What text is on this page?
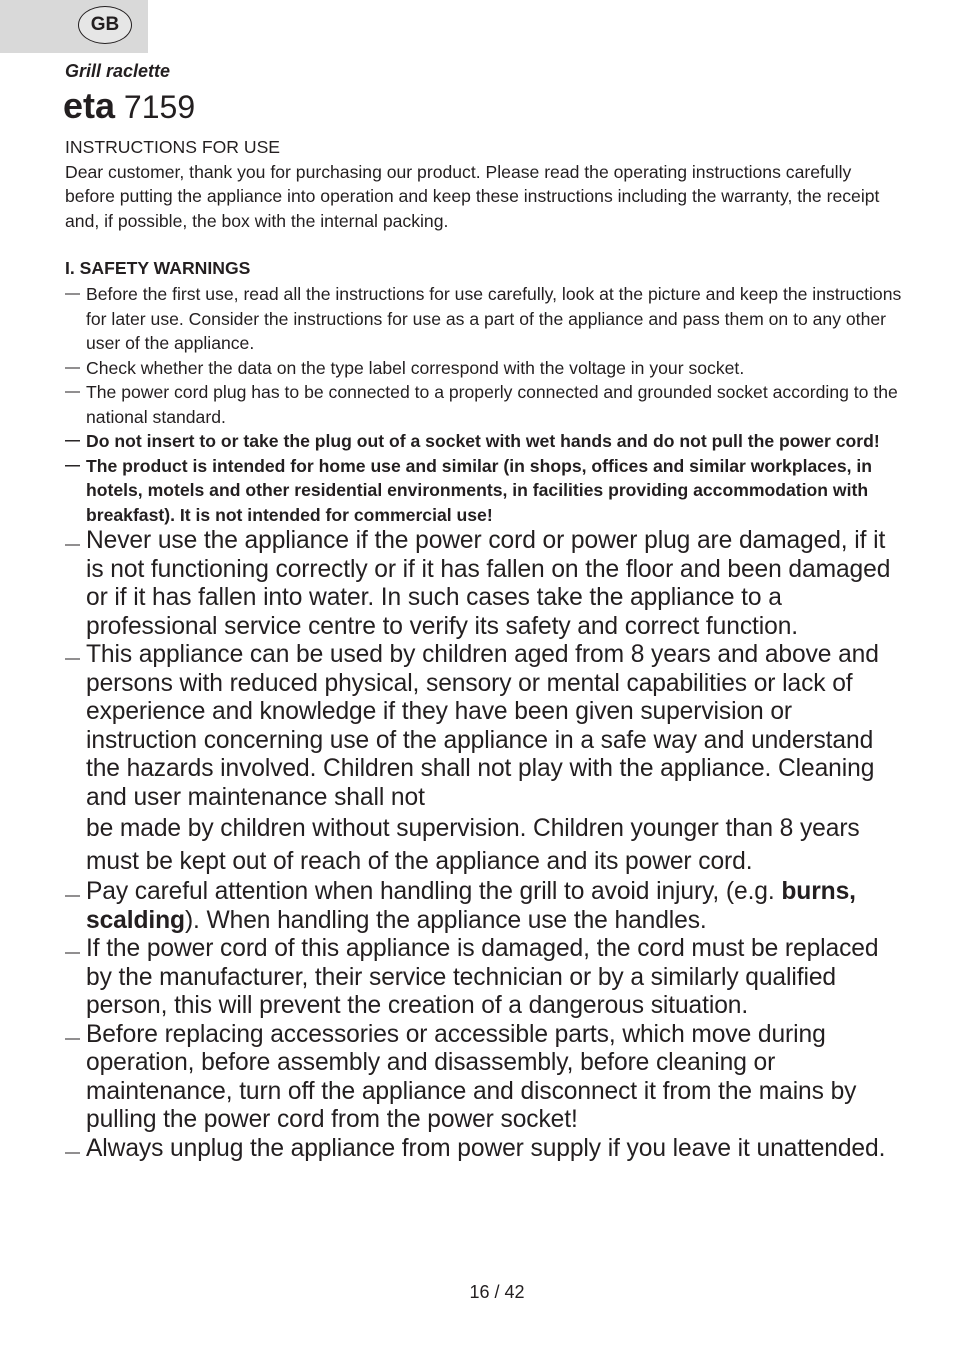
GB
Grill raclette
eta 7159
INSTRUCTIONS FOR USE
Dear customer, thank you for purchasing our product. Please read the operating instructions carefully before putting the appliance into operation and keep these instructions including the warranty, the receipt and, if possible, the box with the internal packing.
I. SAFETY WARNINGS
— Before the first use, read all the instructions for use carefully, look at the picture and keep the instructions for later use. Consider the instructions for use as a part of the appliance and pass them on to any other user of the appliance.
— Check whether the data on the type label correspond with the voltage in your socket.
— The power cord plug has to be connected to a properly connected and grounded socket according to the national standard.
— Do not insert to or take the plug out of a socket with wet hands and do not pull the power cord!
— The product is intended for home use and similar (in shops, offices and similar workplaces, in hotels, motels and other residential environments, in facilities providing accommodation with breakfast). It is not intended for commercial use!
— Never use the appliance if the power cord or power plug are damaged, if it is not functioning correctly or if it has fallen on the floor and been damaged or if it has fallen into water. In such cases take the appliance to a professional service centre to verify its safety and correct function.
— This appliance can be used by children aged from 8 years and above and persons with reduced physical, sensory or mental capabilities or lack of experience and knowledge if they have been given supervision or instruction concerning use of the appliance in a safe way and understand the hazards involved. Children shall not play with the appliance. Cleaning and user maintenance shall not
be made by children without supervision. Children younger than 8 years must be kept out of reach of the appliance and its power cord.
— Pay careful attention when handling the grill to avoid injury, (e.g. burns, scalding). When handling the appliance use the handles.
— If the power cord of this appliance is damaged, the cord must be replaced by the manufacturer, their service technician or by a similarly qualified person, this will prevent the creation of a dangerous situation.
— Before replacing accessories or accessible parts, which move during operation, before assembly and disassembly, before cleaning or maintenance, turn off the appliance and disconnect it from the mains by pulling the power cord from the power socket!
— Always unplug the appliance from power supply if you leave it unattended.
16 / 42
